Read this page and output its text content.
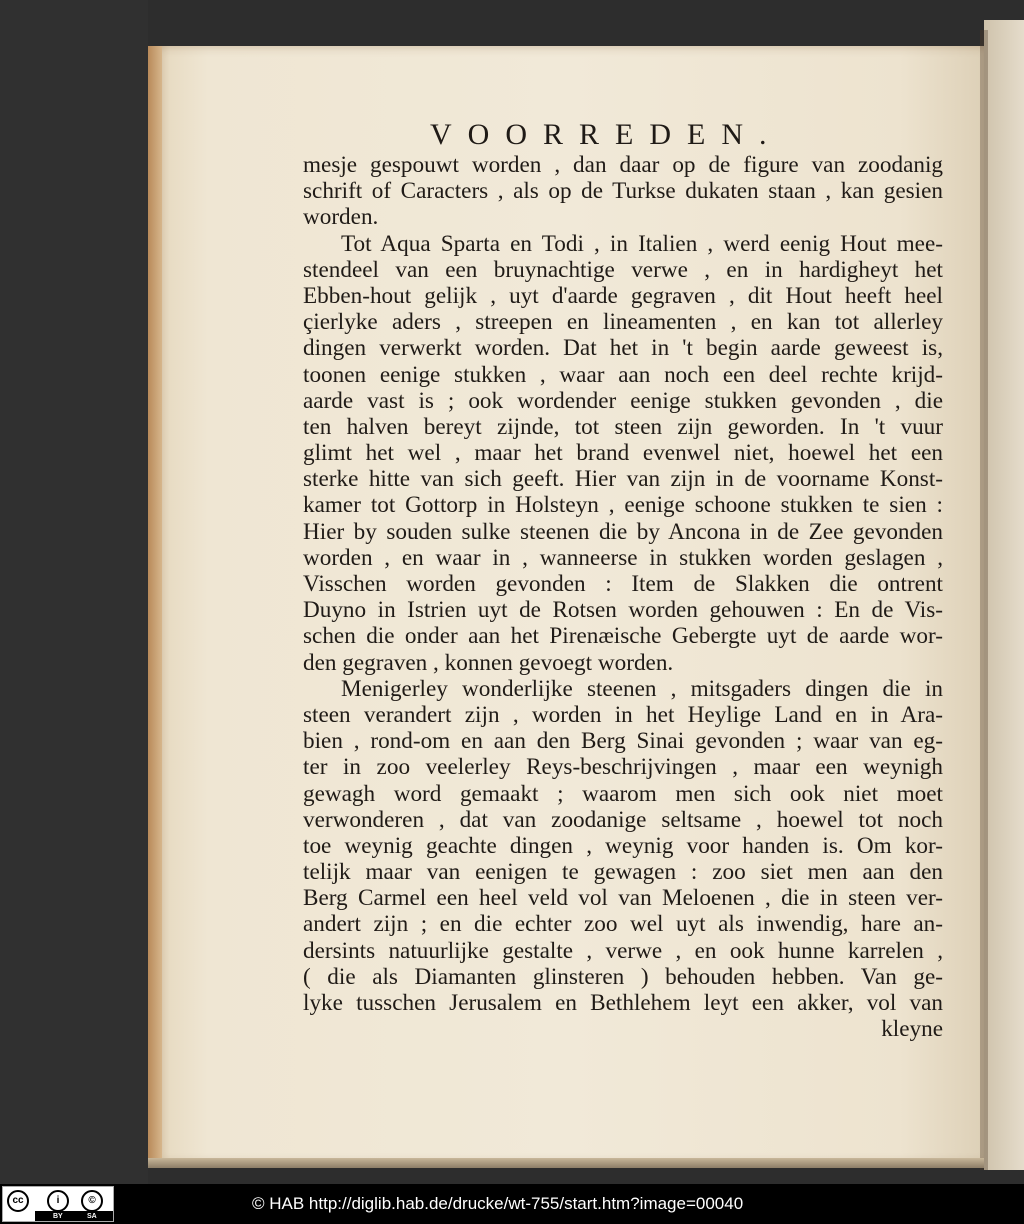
VOORREDEN.
mesje gespouwt worden , dan daar op de figure van zoodanig
schrift of Caracters , als op de Turkse dukaten staan , kan gesien
worden.
Tot Aqua Sparta en Todi , in Italien , werd eenig Hout mee-
stendeel van een bruynachtige verwe , en in hardigheyt het
Ebben-hout gelijk , uyt d'aarde gegraven , dit Hout heeft heel
çierlyke aders , streepen en lineamenten , en kan tot allerley
dingen verwerkt worden. Dat het in 't begin aarde geweest is,
toonen eenige stukken , waar aan noch een deel rechte krijd-
aarde vast is ; ook wordender eenige stukken gevonden , die
ten halven bereyt zijnde, tot steen zijn geworden. In 't vuur
glimt het wel , maar het brand evenwel niet, hoewel het een
sterke hitte van sich geeft. Hier van zijn in de voorname Konst-
kamer tot Gottorp in Holsteyn , eenige schoone stukken te sien :
Hier by souden sulke steenen die by Ancona in de Zee gevonden
worden , en waar in , wanneerse in stukken worden geslagen ,
Visschen worden gevonden : Item de Slakken die ontrent
Duyno in Istrien uyt de Rotsen worden gehouwen : En de Vis-
schen die onder aan het Pirenæische Gebergte uyt de aarde wor-
den gegraven , konnen gevoegt worden.
Menigerley wonderlijke steenen , mitsgaders dingen die in
steen verandert zijn , worden in het Heylige Land en in Ara-
bien , rond-om en aan den Berg Sinai gevonden ; waar van eg-
ter in zoo veelerley Reys-beschrijvingen , maar een weynigh
gewagh word gemaakt ; waarom men sich ook niet moet
verwonderen , dat van zoodanige seltsame , hoewel tot noch
toe weynig geachte dingen , weynig voor handen is. Om kor-
telijk maar van eenigen te gewagen : zoo siet men aan den
Berg Carmel een heel veld vol van Meloenen , die in steen ver-
andert zijn ; en die echter zoo wel uyt als inwendig, hare an-
dersints natuurlijke gestalte , verwe , en ook hunne karrelen ,
( die als Diamanten glinsteren ) behouden hebben. Van ge-
lyke tusschen Jerusalem en Bethlehem leyt een akker, vol van
kleyne
cc	i	©
BY	SA
© HAB http://diglib.hab.de/drucke/wt-755/start.htm?image=00040
